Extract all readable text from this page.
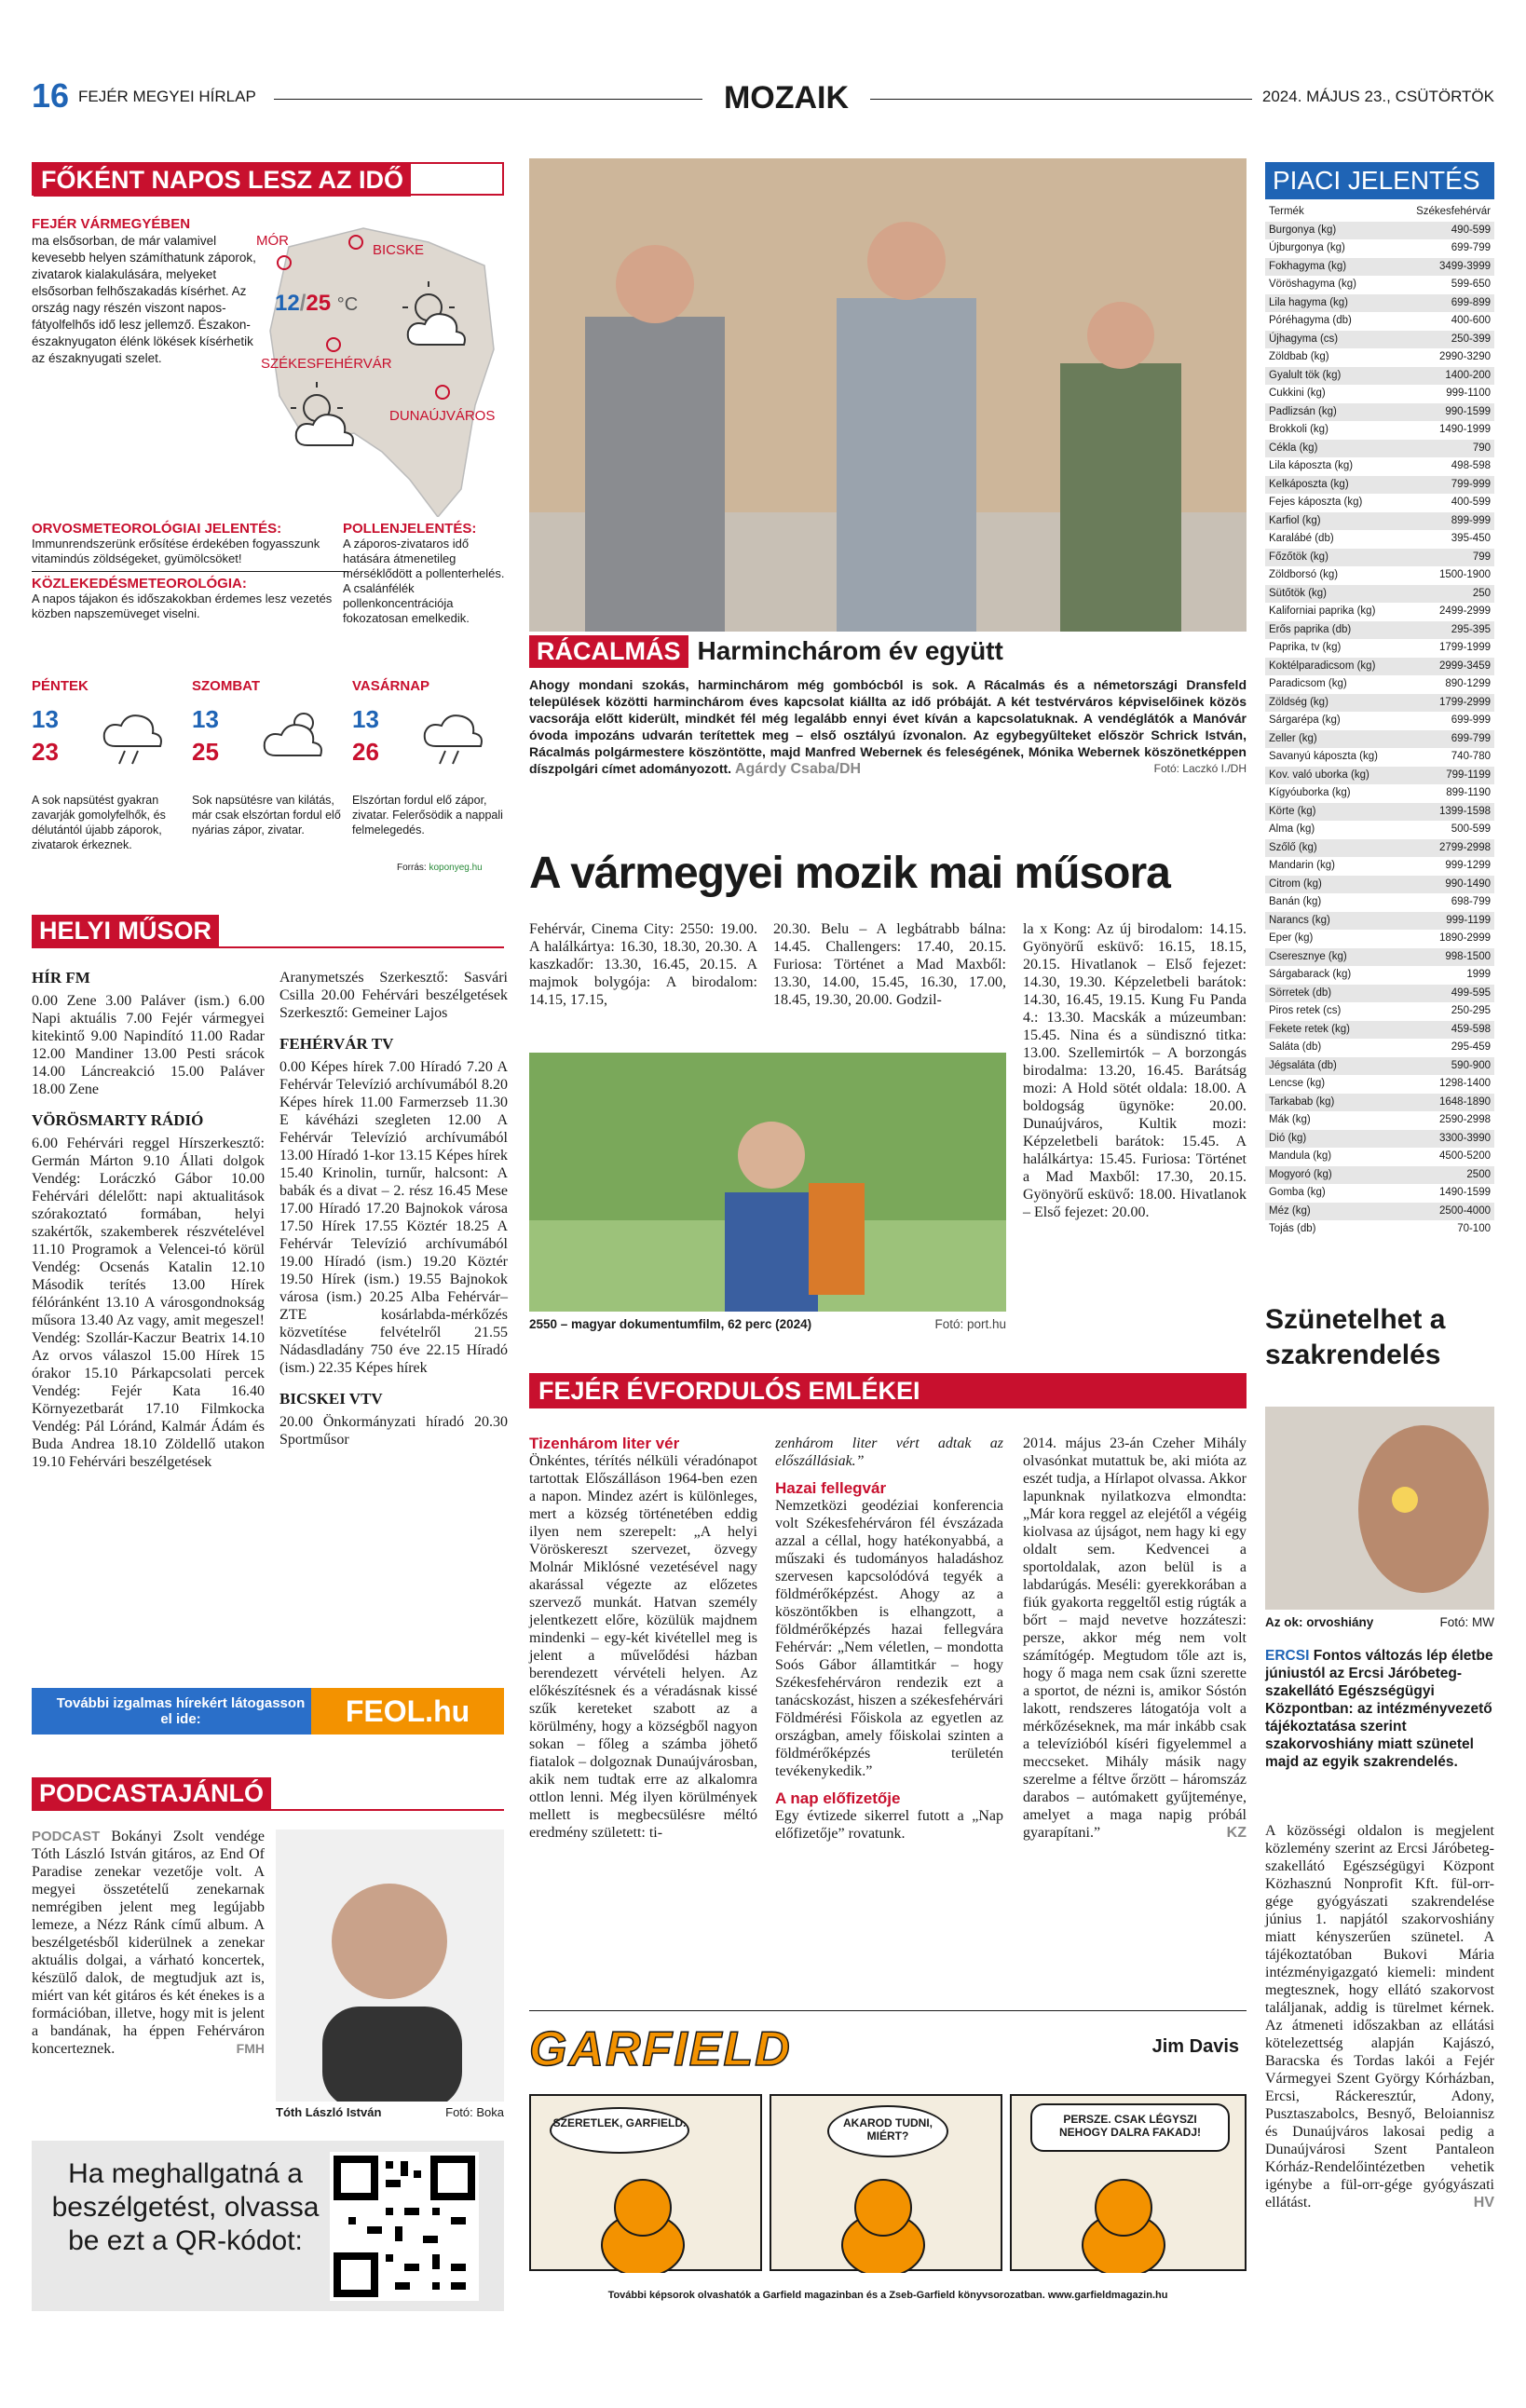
16 FEJÉR MEGYEI HÍRLAP	MOZAIK	2024. MÁJUS 23., CSÜTÖRTÖK
FŐKÉNT NAPOS LESZ AZ IDŐ
FEJÉR VÁRMEGYÉBEN
ma elsősorban, de már valamivel kevesebb helyen számíthatunk záporok, zivatarok kialakulására, melyeket elsősorban felhőszakadás kísérhet. Az ország nagy részén viszont napos-fátyolfelhős idő lesz jellemző. Északon-északnyugaton élénk lökések kísérhetik az északnyugati szelet.
MÓR
BICSKE
SZÉKESFEHÉRVÁR
DUNAÚJVÁROS
12/25 °C
ORVOSMETEOROLÓGIAI JELENTÉS:
Immunrendszerünk erősítése érdekében fogyasszunk vitamindús zöldségeket, gyümölcsöket!
KÖZLEKEDÉSMETEOROLÓGIA:
A napos tájakon és időszakokban érdemes lesz vezetés közben napszemüveget viselni.
POLLENJELENTÉS:
A záporos-zivataros idő hatására átmenetileg mérséklődött a pollenterhelés. A csalánfélék pollenkoncentrációja fokozatosan emelkedik.
PÉNTEK
13
23
A sok napsütést gyakran zavarják gomolyfelhők, és délutántól újabb záporok, zivatarok érkeznek.
SZOMBAT
13
25
Sok napsütésre van kilátás, már csak elszórtan fordul elő nyárias zápor, zivatar.
VASÁRNAP
13
26
Elszórtan fordul elő zápor, zivatar. Felerősödik a nappali felmelegedés.
Forrás: koponyeg.hu
HELYI MŰSOR
HÍR FM
0.00 Zene 3.00 Paláver (ism.) 6.00 Napi aktuális 7.00 Fejér vármegyei kitekintő 9.00 Napindító 11.00 Radar 12.00 Mandiner 13.00 Pesti srácok 14.00 Láncreakció 15.00 Paláver 18.00 Zene
VÖRÖSMARTY RÁDIÓ
6.00 Fehérvári reggel Hírszerkesztő: Germán Márton 9.10 Állati dolgok Vendég: Loráczkó Gábor 10.00 Fehérvári délelőtt: napi aktualitások szórakoztató formában, helyi szakértők, szakemberek részvételével 11.10 Programok a Velencei-tó körül Vendég: Ocsenás Katalin 12.10 Második terítés 13.00 Hírek félóránként 13.10 A városgondnokság műsora 13.40 Az vagy, amit megeszel! Vendég: Szollár-Kaczur Beatrix 14.10 Az orvos válaszol 15.00 Hírek 15 órakor 15.10 Párkapcsolati percek Vendég: Fejér Kata 16.40 Környezetbarát 17.10 Filmkocka Vendég: Pál Lóránd, Kalmár Ádám és Buda Andrea 18.10 Zöldellő utakon 19.10 Fehérvári beszélgetések
Aranymetszés Szerkesztő: Sasvári Csilla 20.00 Fehérvári beszélgetések Szerkesztő: Gemeiner Lajos
FEHÉRVÁR TV
0.00 Képes hírek 7.00 Híradó 7.20 A Fehérvár Televízió archívumából 8.20 Képes hírek 11.00 Farmerzseb 11.30 E kávéházi szegleten 12.00 A Fehérvár Televízió archívumából 13.00 Híradó 1-kor 13.15 Képes hírek 15.40 Krinolin, turnűr, halcsont: A babák és a divat – 2. rész 16.45 Mese 17.00 Híradó 17.20 Bajnokok városa 17.50 Hírek 17.55 Köztér 18.25 A Fehérvár Televízió archívumából 19.00 Híradó (ism.) 19.20 Köztér 19.50 Hírek (ism.) 19.55 Bajnokok városa (ism.) 20.25 Alba Fehérvár–ZTE kosárlabda-mérkőzés közvetítése felvételről 21.55 Nádasdladány 750 éve 22.15 Híradó (ism.) 22.35 Képes hírek
BICSKEI VTV
20.00 Önkormányzati híradó 20.30 Sportműsor
További izgalmas hírekért látogasson el ide:	FEOL.hu
PODCASTAJÁNLÓ
PODCAST Bokányi Zsolt vendége Tóth László István gitáros, az End Of Paradise zenekar vezetője volt. A megyei összetételű zenekarnak nemrégiben jelent meg legújabb lemeze, a Nézz Ránk című album. A beszélgetésből kiderülnek a zenekar aktuális dolgai, a várható koncertek, készülő dalok, de megtudjuk azt is, miért van két gitáros és két énekes is a formációban, illetve, hogy mit is jelent a bandának, ha éppen Fehérváron koncerteznek.	FMH
Tóth László István	Fotó: Boka
Ha meghallgatná a beszélgetést, olvassa be ezt a QR-kódot:
RÁCALMÁS Harminchárom év együtt
Ahogy mondani szokás, harminchárom még gombócból is sok. A Rácalmás és a németországi Dransfeld települések közötti harminchárom éves kapcsolat kiállta az idő próbáját. A két testvérváros képviselőinek közös vacsorája előtt kiderült, mindkét fél még legalább ennyi évet kíván a kapcsolatuknak. A vendéglátók a Manóvár óvoda impozáns udvarán terítettek meg – első osztályú ízvonalon. Az egybegyűlteket először Schrick István, Rácalmás polgármestere köszöntötte, majd Manfred Webernek és feleségének, Mónika Webernek köszönetképpen díszpolgári címet adományozott. Agárdy Csaba/DH	Fotó: Laczkó I./DH
A vármegyei mozik mai műsora
Fehérvár, Cinema City: 2550: 19.00. A halálkártya: 16.30, 18.30, 20.30. A kaszkadőr: 13.30, 16.45, 20.15. A majmok bolygója: A birodalom: 14.15, 17.15,
20.30. Belu – A legbátrabb bálna: 14.45. Challengers: 17.40, 20.15. Furiosa: Történet a Mad Maxből: 13.30, 14.00, 15.45, 16.30, 17.00, 18.45, 19.30, 20.00. Godzil-
la x Kong: Az új birodalom: 14.15. Gyönyörű esküvő: 16.15, 18.15, 20.15. Hivatlanok – Első fejezet: 14.30, 19.30. Képzeletbeli barátok: 14.30, 16.45, 19.15. Kung Fu Panda 4.: 13.30. Macskák a múzeumban: 15.45. Nina és a sündisznó titka: 13.00. Szellemirtók – A borzongás birodalma: 13.20, 16.45. Barátság mozi: A Hold sötét oldala: 18.00. A boldogság ügynöke: 20.00. Dunaújváros, Kultik mozi: Képzeletbeli barátok: 15.45. A halálkártya: 15.45. Furiosa: Történet a Mad Maxből: 17.30, 20.15. Gyönyörű esküvő: 18.00. Hivatlanok – Első fejezet: 20.00.
2550 – magyar dokumentumfilm, 62 perc (2024)	Fotó: port.hu
FEJÉR ÉVFORDULÓS EMLÉKEI
Tizenhárom liter vér
Önkéntes, térítés nélküli véradónapot tartottak Előszálláson 1964-ben ezen a napon. Mindez azért is különleges, mert a község történetében eddig ilyen nem szerepelt: „A helyi Vöröskereszt szervezet, özvegy Molnár Miklósné vezetésével nagy akarással végezte az előzetes szervező munkát. Hatvan személy jelentkezett előre, közülük majdnem mindenki – egy-két kivétellel meg is jelent a művelődési házban berendezett vérvételi helyen. Az előkészítésnek és a véradásnak kissé szűk kereteket szabott az a körülmény, hogy a községből nagyon sokan – főleg a számba jöhető fiatalok – dolgoznak Dunaújvárosban, akik nem tudtak erre az alkalomra ottlon lenni. Még ilyen körülmények mellett is megbecsülésre méltó eredmény született: ti-
zenhárom liter vért adtak az előszállásiak.”
Hazai fellegvár
Nemzetközi geodéziai konferencia volt Székesfehérváron fél évszázada azzal a céllal, hogy hatékonyabbá, a műszaki és tudományos haladáshoz szervesen kapcsolódóvá tegyék a földmérőképzést. Ahogy az a köszöntőkben is elhangzott, a földmérőképzés hazai fellegvára Fehérvár: „Nem véletlen, – mondotta Soós Gábor államtitkár – hogy Székesfehérváron rendezik ezt a tanácskozást, hiszen a székesfehérvári Földmérési Főiskola az egyetlen az országban, amely főiskolai szinten a földmérőképzés területén tevékenykedik.”
A nap előfizetője
Egy évtizede sikerrel futott a „Nap előfizetője” rovatunk.
2014. május 23-án Czeher Mihály olvasónkat mutattuk be, aki mióta az eszét tudja, a Hírlapot olvassa. Akkor lapunknak nyilatkozva elmondta: „Már kora reggel az elejétől a végéig kiolvasa az újságot, nem hagy ki egy oldalt sem. Kedvencei a sportoldalak, azon belül is a labdarúgás. Meséli: gyerekkorában a fiúk gyakorta reggeltől estig rúgták a bőrt – majd nevetve hozzáteszi: persze, akkor még nem volt számítógép. Megtudom tőle azt is, hogy ő maga nem csak űzni szerette a sportot, de nézni is, amikor Sóstón lakott, rendszeres látogatója volt a mérkőzéseknek, ma már inkább csak a televízióból kíséri figyelemmel a meccseket. Mihály másik nagy szerelme a féltve őrzött – háromszáz darabos – autómakett gyűjteménye, amelyet a maga napig próbál gyarapítani.”	KZ
GARFIELD	Jim Davis
SZERETLEK, GARFIELD.	AKAROD TUDNI, MIÉRT?
PERSZE. CSAK LÉGYSZI NEHOGY DALRA FAKADJ!
További képsorok olvashatók a Garfield magazinban és a Zseb-Garfield könyvsorozatban. www.garfieldmagazin.hu
PIACI JELENTÉS
Termék	Székesfehérvár
Burgonya (kg)	490-599
Újburgonya (kg)	699-799
Fokhagyma (kg)	3499-3999
Vöröshagyma (kg)	599-650
Lila hagyma (kg)	699-899
Póréhagyma (db)	400-600
Újhagyma (cs)	250-399
Zöldbab (kg)	2990-3290
Gyalult tök (kg)	1400-200
Cukkini (kg)	999-1100
Padlizsán (kg)	990-1599
Brokkoli (kg)	1490-1999
Cékla (kg)	790
Lila káposzta (kg)	498-598
Kelkáposzta (kg)	799-999
Fejes káposzta (kg)	400-599
Karfiol (kg)	899-999
Karalábé (db)	395-450
Főzőtök (kg)	799
Zöldborsó (kg)	1500-1900
Sütőtök (kg)	250
Kaliforniai paprika (kg)	2499-2999
Erős paprika (db)	295-395
Paprika, tv (kg)	1799-1999
Koktélparadicsom (kg)	2999-3459
Paradicsom (kg)	890-1299
Zöldség (kg)	1799-2999
Sárgarépa (kg)	699-999
Zeller (kg)	699-799
Savanyú káposzta (kg)	740-780
Kov. való uborka (kg)	799-1199
Kígyóuborka (kg)	899-1190
Körte (kg)	1399-1598
Alma (kg)	500-599
Szőlő (kg)	2799-2998
Mandarin (kg)	999-1299
Citrom (kg)	990-1490
Banán (kg)	698-799
Narancs (kg)	999-1199
Eper (kg)	1890-2999
Cseresznye (kg)	998-1500
Sárgabarack (kg)	1999
Sörretek (db)	499-595
Piros retek (cs)	250-295
Fekete retek (kg)	459-598
Saláta (db)	295-459
Jégsaláta (db)	590-900
Lencse (kg)	1298-1400
Tarkabab (kg)	1648-1890
Mák (kg)	2590-2998
Dió (kg)	3300-3990
Mandula (kg)	4500-5200
Mogyoró (kg)	2500
Gomba (kg)	1490-1599
Méz (kg)	2500-4000
Tojás (db)	70-100
Szünetelhet a szakrendelés
Az ok: orvoshiány	Fotó: MW
ERCSI Fontos változás lép életbe júniustól az Ercsi Járóbeteg-szakellátó Egészségügyi Központban: az intézményvezető tájékoztatása szerint szakorvoshiány miatt szünetel majd az egyik szakrendelés.
A közösségi oldalon is megjelent közlemény szerint az Ercsi Járóbeteg-szakellátó Egészségügyi Központ Közhasznú Nonprofit Kft. fül-orr-gége gyógyászati szakrendelése június 1. napjától szakorvoshiány miatt kényszerűen szünetel. A tájékoztatóban Bukovi Mária intézményigazgató kiemeli: mindent megtesznek, hogy ellátó szakorvost találjanak, addig is türelmet kérnek. Az átmeneti időszakban az ellátási kötelezettség alapján Kajászó, Baracska és Tordas lakói a Fejér Vármegyei Szent György Kórházban, Ercsi, Ráckeresztúr, Adony, Pusztaszabolcs, Besnyő, Beloiannisz és Dunaújváros lakosai pedig a Dunaújvárosi Szent Pantaleon Kórház-Rendelőintézetben vehetik igénybe a fül-orr-gége gyógyászati ellátást.	HV
